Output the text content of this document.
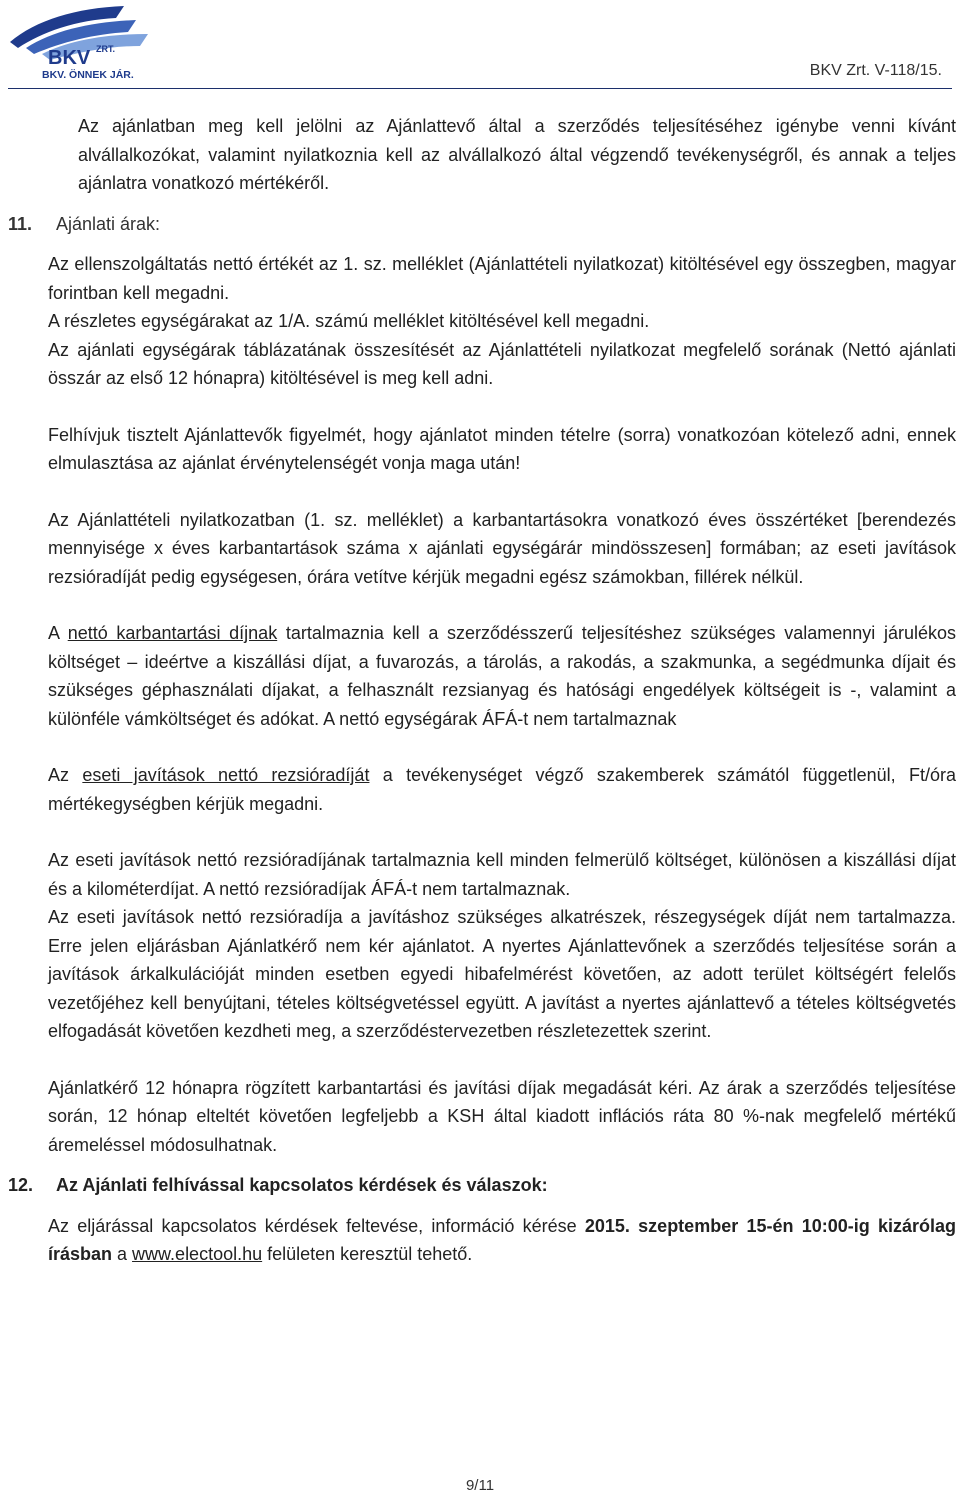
BKV ZRT.
BKV. ÖNNEK JÁR.	BKV Zrt. V-118/15.

Az ajánlatban meg kell jelölni az Ajánlattevő által a szerződés teljesítéséhez igénybe venni kívánt alvállalkozókat, valamint nyilatkoznia kell az alvállalkozó által végzendő tevékenységről, és annak a teljes ajánlatra vonatkozó mértékéről.

11. Ajánlati árak:

Az ellenszolgáltatás nettó értékét az 1. sz. melléklet (Ajánlattételi nyilatkozat) kitöltésével egy összegben, magyar forintban kell megadni.

A részletes egységárakat az 1/A. számú melléklet kitöltésével kell megadni.

Az ajánlati egységárak táblázatának összesítését az Ajánlattételi nyilatkozat megfelelő sorának (Nettó ajánlati összár az első 12 hónapra) kitöltésével is meg kell adni.

Felhívjuk tisztelt Ajánlattevők figyelmét, hogy ajánlatot minden tételre (sorra) vonatkozóan kötelező adni, ennek elmulasztása az ajánlat érvénytelenségét vonja maga után!

Az Ajánlattételi nyilatkozatban (1. sz. melléklet) a karbantartásokra vonatkozó éves összértéket [berendezés mennyisége x éves karbantartások száma x ajánlati egységárár mindösszesen] formában; az eseti javítások rezsióradíját pedig egységesen, órára vetítve kérjük megadni egész számokban, fillérek nélkül.

A nettó karbantartási díjnak tartalmaznia kell a szerződésszerű teljesítéshez szükséges valamennyi járulékos költséget – ideértve a kiszállási díjat, a fuvarozás, a tárolás, a rakodás, a szakmunka, a segédmunka díjait és szükséges géphasználati díjakat, a felhasznált rezsianyag és hatósági engedélyek költségeit is -, valamint a különféle vámköltséget és adókat. A nettó egységárak ÁFÁ-t nem tartalmaznak

Az eseti javítások nettó rezsióradíját a tevékenységet végző szakemberek számától függetlenül, Ft/óra mértékegységben kérjük megadni.

Az eseti javítások nettó rezsióradíjának tartalmaznia kell minden felmerülő költséget, különösen a kiszállási díjat és a kilométerdíjat. A nettó rezsióradíjak ÁFÁ-t nem tartalmaznak.

Az eseti javítások nettó rezsióradíja a javításhoz szükséges alkatrészek, részegységek díját nem tartalmazza. Erre jelen eljárásban Ajánlatkérő nem kér ajánlatot. A nyertes Ajánlattevőnek a szerződés teljesítése során a javítások árkalkulációját minden esetben egyedi hibafelmérést követően, az adott terület költségért felelős vezetőjéhez kell benyújtani, tételes költségvetéssel együtt. A javítást a nyertes ajánlattevő a tételes költségvetés elfogadását követően kezdheti meg, a szerződéstervezetben részletezettek szerint.

Ajánlatkérő 12 hónapra rögzített karbantartási és javítási díjak megadását kéri. Az árak a szerződés teljesítése során, 12 hónap elteltét követően legfeljebb a KSH által kiadott inflációs ráta 80 %-nak megfelelő mértékű áremeléssel módosulhatnak.

12. Az Ajánlati felhívással kapcsolatos kérdések és válaszok:

Az eljárással kapcsolatos kérdések feltevése, információ kérése 2015. szeptember 15-én 10:00-ig kizárólag írásban a www.electool.hu felületen keresztül tehető.

9/11
